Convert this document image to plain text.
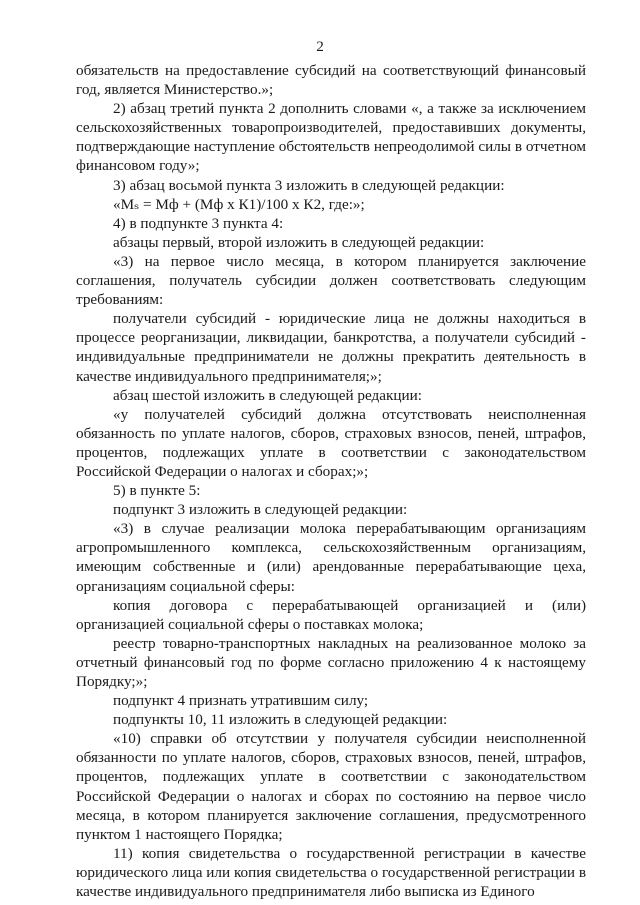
2

обязательств на предоставление субсидий на соответствующий финансовый год, является Министерство.»;

2) абзац третий пункта 2 дополнить словами «, а также за исключением сельскохозяйственных товаропроизводителей, предоставивших документы, подтверждающие наступление обстоятельств непреодолимой силы в отчетном финансовом году»;

3) абзац восьмой пункта 3 изложить в следующей редакции:

«Мₛ = Мф + (Мф х К1)/100 х К2, где:»;

4) в подпункте 3 пункта 4:

абзацы первый, второй изложить в следующей редакции:

«3) на первое число месяца, в котором планируется заключение соглашения, получатель субсидии должен соответствовать следующим требованиям:

получатели субсидий - юридические лица не должны находиться в процессе реорганизации, ликвидации, банкротства, а получатели субсидий - индивидуальные предприниматели не должны прекратить деятельность в качестве индивидуального предпринимателя;»;

абзац шестой изложить в следующей редакции:

«у получателей субсидий должна отсутствовать неисполненная обязанность по уплате налогов, сборов, страховых взносов, пеней, штрафов, процентов, подлежащих уплате в соответствии с законодательством Российской Федерации о налогах и сборах;»;

5) в пункте 5:

подпункт 3 изложить в следующей редакции:

«3) в случае реализации молока перерабатывающим организациям агропромышленного комплекса, сельскохозяйственным организациям, имеющим собственные и (или) арендованные перерабатывающие цеха, организациям социальной сферы:

копия договора с перерабатывающей организацией и (или) организацией социальной сферы о поставках молока;

реестр товарно-транспортных накладных на реализованное молоко за отчетный финансовый год по форме согласно приложению 4 к настоящему Порядку;»;

подпункт 4 признать утратившим силу;

подпункты 10, 11 изложить в следующей редакции:

«10) справки об отсутствии у получателя субсидии неисполненной обязанности по уплате налогов, сборов, страховых взносов, пеней, штрафов, процентов, подлежащих уплате в соответствии с законодательством Российской Федерации о налогах и сборах по состоянию на первое число месяца, в котором планируется заключение соглашения, предусмотренного пунктом 1 настоящего Порядка;

11) копия свидетельства о государственной регистрации в качестве юридического лица или копия свидетельства о государственной регистрации в качестве индивидуального предпринимателя либо выписка из Единого
